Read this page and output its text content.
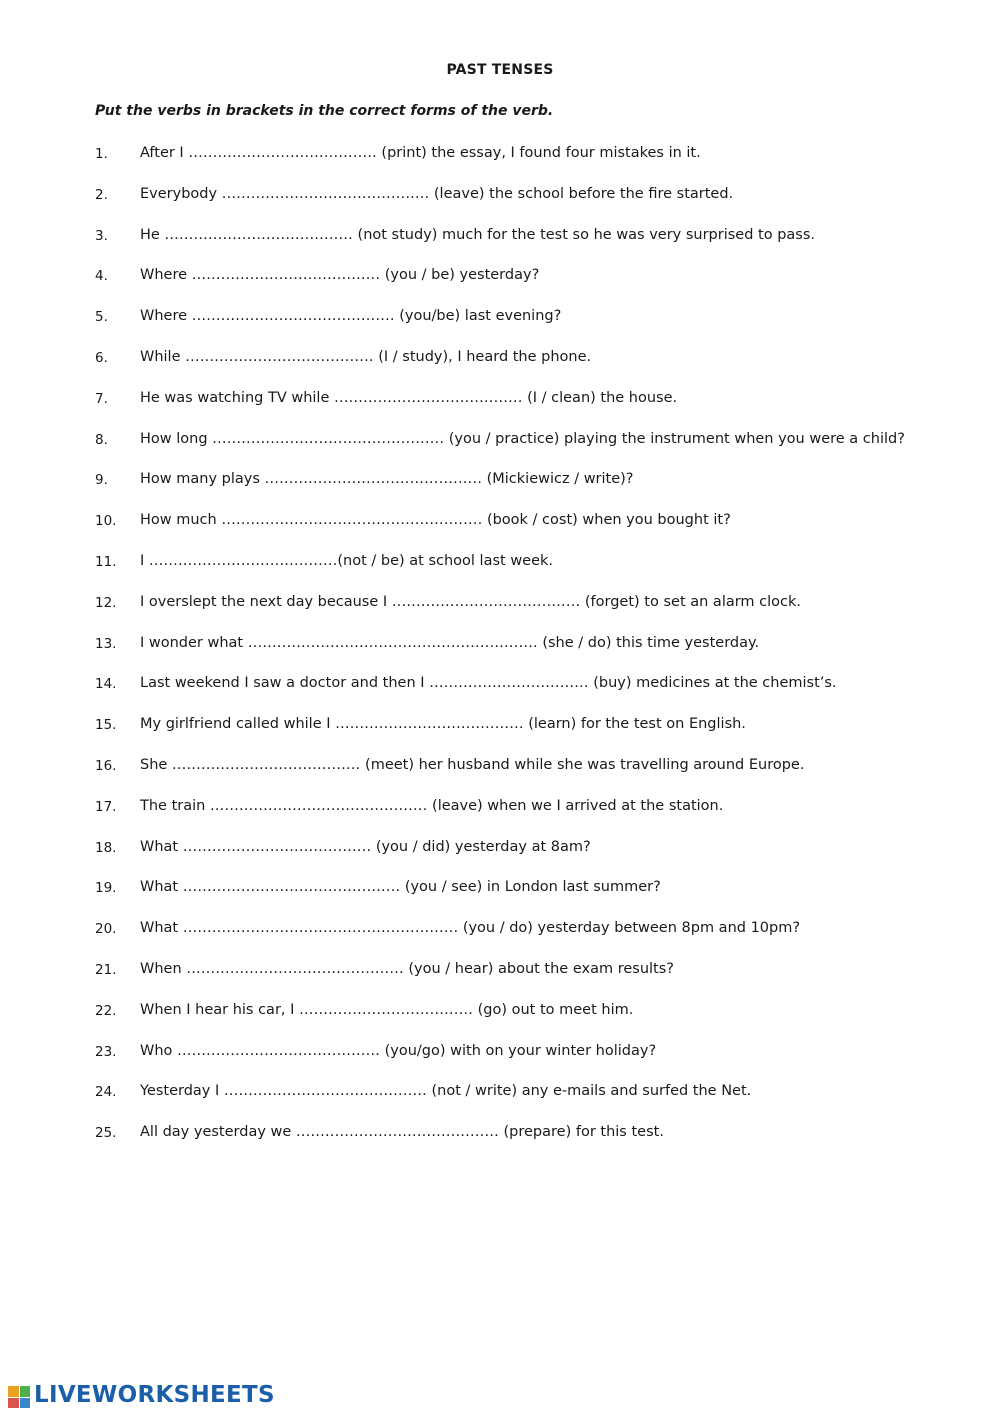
PAST TENSES
Put the verbs in brackets in the correct forms of the verb.
1.	After I ………………………………… (print) the essay, I found four mistakes in it.
2.	Everybody ………………………………….… (leave) the school before the fire started.
3.	He ………………………………… (not study) much for the test so he was very surprised to pass.
4.	Where ………………………………… (you / be) yesterday?
5.	Where …………………………………… (you/be) last evening?
6.	While ………………………………… (I / study), I heard the phone.
7.	He was watching TV while ………………………………… (I / clean) the house.
8.	How long ………………………………………… (you / practice) playing the instrument when you were a child?
9.	How many plays ……………………………………… (Mickiewicz / write)?
10.	How much ……………………………………………… (book / cost) when you bought it?
11.	I …………………………………(not / be) at school last week.
12.	I overslept the next day because I ………………………………… (forget) to set an alarm clock.
13.	I wonder what …………………………………………………… (she / do) this time yesterday.
14.	Last weekend I saw a doctor and then I …………………………… (buy) medicines at the chemist’s.
15.	My girlfriend called while I ………………………………… (learn) for the test on English.
16.	She ………………………………… (meet) her husband while she was travelling around Europe.
17.	The train ……………………………………… (leave) when we I arrived at the station.
18.	What ………………………………… (you / did) yesterday at 8am?
19.	What ……………………………………… (you / see) in London last summer?
20.	What ………………………………………………… (you / do) yesterday between 8pm and 10pm?
21.	When ……………………………………… (you / hear) about the exam results?
22.	When I hear his car, I ……………………………… (go) out to meet him.
23.	Who …………………………………… (you/go) with on your winter holiday?
24.	Yesterday I …………………………………… (not / write) any e-mails and surfed the Net.
25.	All day yesterday we …………………………………… (prepare) for this test.
LIVEWORKSHEETS
